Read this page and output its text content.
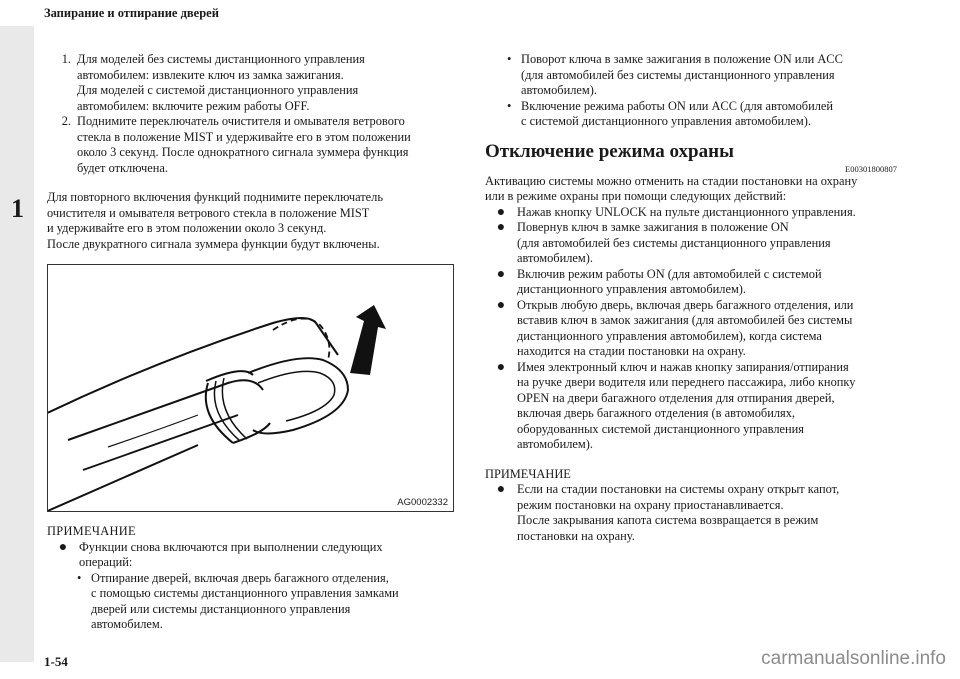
Запирание и отпирание дверей
1
1. Для моделей без системы дистанционного управления

автомобилем: извлеките ключ из замка зажигания.

Для моделей с системой дистанционного управления

автомобилем: включите режим работы OFF.

2. Поднимите переключатель очистителя и омывателя ветрового

стекла в положение MIST и удерживайте его в этом положении

около 3 секунд. После однократного сигнала зуммера функция

будет отключена.

Для повторного включения функций поднимите переключатель

очистителя и омывателя ветрового стекла в положение MIST

и удерживайте его в этом положении около 3 секунд.

После двукратного сигнала зуммера функции будут включены.

AG0002332

ПРИМЕЧАНИЕ

● Функции снова включаются при выполнении следующих

операций:

• Отпирание дверей, включая дверь багажного отделения,

с помощью системы дистанционного управления замками

дверей или системы дистанционного управления

автомобилем.

• Поворот ключа в замке зажигания в положение ON или ACC

(для автомобилей без системы дистанционного управления

автомобилем).

• Включение режима работы ON или ACC (для автомобилей

с системой дистанционного управления автомобилем).

Отключение режима охраны
E00301800807

Активацию системы можно отменить на стадии постановки на охрану

или в режиме охраны при помощи следующих действий:

● Нажав кнопку UNLOCK на пульте дистанционного управления.

● Повернув ключ в замке зажигания в положение ON

(для автомобилей без системы дистанционного управления

автомобилем).

● Включив режим работы ON (для автомобилей с системой

дистанционного управления автомобилем).

● Открыв любую дверь, включая дверь багажного отделения, или

вставив ключ в замок зажигания (для автомобилей без системы

дистанционного управления автомобилем), когда система

находится на стадии постановки на охрану.

● Имея электронный ключ и нажав кнопку запирания/отпирания

на ручке двери водителя или переднего пассажира, либо кнопку

OPEN на двери багажного отделения для отпирания дверей,

включая дверь багажного отделения (в автомобилях,

оборудованных системой дистанционного управления

автомобилем).

ПРИМЕЧАНИЕ

● Если на стадии постановки на системы охрану открыт капот,

режим постановки на охрану приостанавливается.

После закрывания капота система возвращается в режим

постановки на охрану.

1-54	carmanualsonline.info
